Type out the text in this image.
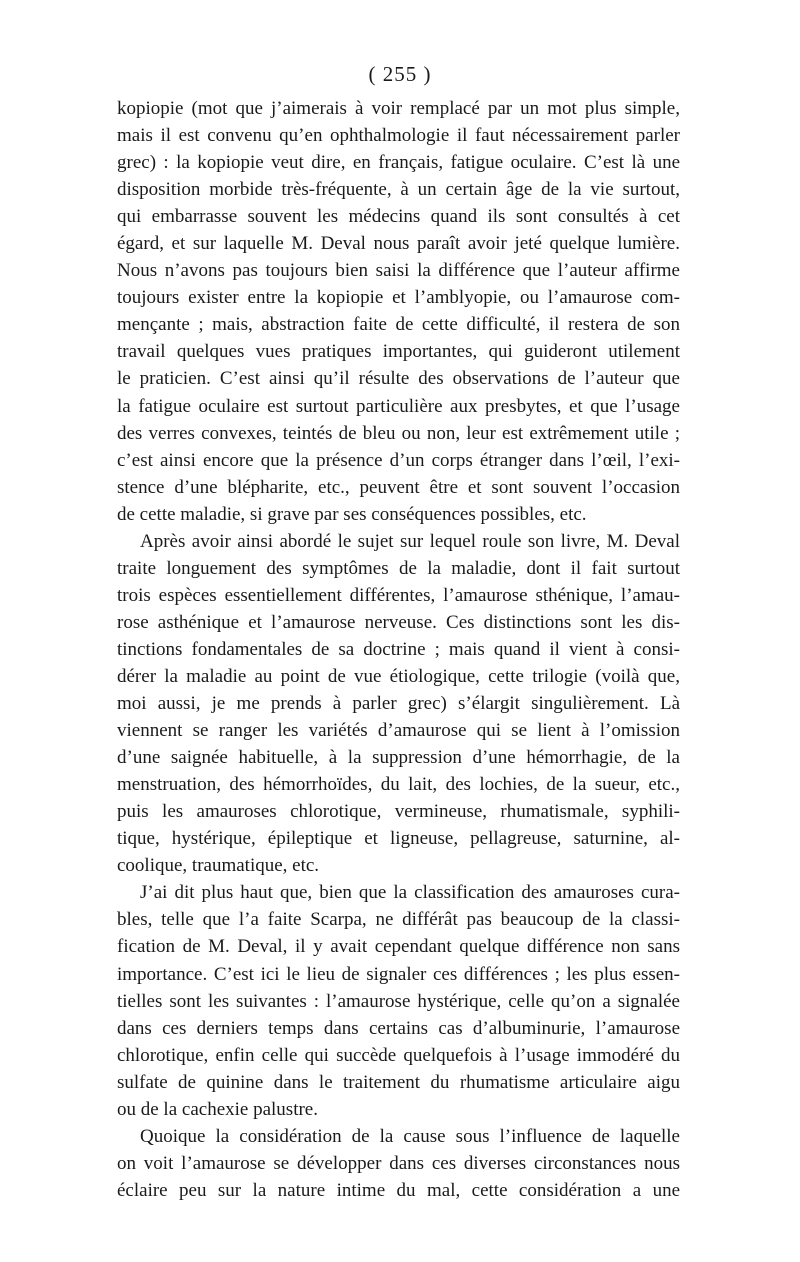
( 255 )
kopiopie (mot que j’aimerais à voir remplacé par un mot plus simple,
mais il est convenu qu’en ophthalmologie il faut nécessairement parler
grec) : la kopiopie veut dire, en français, fatigue oculaire. C’est là une
disposition morbide très-fréquente, à un certain âge de la vie surtout,
qui embarrasse souvent les médecins quand ils sont consultés à cet
égard, et sur laquelle M. Deval nous paraît avoir jeté quelque lumière.
Nous n’avons pas toujours bien saisi la différence que l’auteur affirme
toujours exister entre la kopiopie et l’amblyopie, ou l’amaurose com-
mençante ; mais, abstraction faite de cette difficulté, il restera de son
travail quelques vues pratiques importantes, qui guideront utilement
le praticien. C’est ainsi qu’il résulte des observations de l’auteur que
la fatigue oculaire est surtout particulière aux presbytes, et que l’usage
des verres convexes, teintés de bleu ou non, leur est extrêmement utile ;
c’est ainsi encore que la présence d’un corps étranger dans l’œil, l’exi-
stence d’une blépharite, etc., peuvent être et sont souvent l’occasion
de cette maladie, si grave par ses conséquences possibles, etc.
Après avoir ainsi abordé le sujet sur lequel roule son livre, M. Deval
traite longuement des symptômes de la maladie, dont il fait surtout
trois espèces essentiellement différentes, l’amaurose sthénique, l’amau-
rose asthénique et l’amaurose nerveuse. Ces distinctions sont les dis-
tinctions fondamentales de sa doctrine ; mais quand il vient à consi-
dérer la maladie au point de vue étiologique, cette trilogie (voilà que,
moi aussi, je me prends à parler grec) s’élargit singulièrement. Là
viennent se ranger les variétés d’amaurose qui se lient à l’omission
d’une saignée habituelle, à la suppression d’une hémorrhagie, de la
menstruation, des hémorrhoïdes, du lait, des lochies, de la sueur, etc.,
puis les amauroses chlorotique, vermineuse, rhumatismale, syphili-
tique, hystérique, épileptique et ligneuse, pellagreuse, saturnine, al-
coolique, traumatique, etc.
J’ai dit plus haut que, bien que la classification des amauroses cura-
bles, telle que l’a faite Scarpa, ne différât pas beaucoup de la classi-
fication de M. Deval, il y avait cependant quelque différence non sans
importance. C’est ici le lieu de signaler ces différences ; les plus essen-
tielles sont les suivantes : l’amaurose hystérique, celle qu’on a signalée
dans ces derniers temps dans certains cas d’albuminurie, l’amaurose
chlorotique, enfin celle qui succède quelquefois à l’usage immodéré du
sulfate de quinine dans le traitement du rhumatisme articulaire aigu
ou de la cachexie palustre.
Quoique la considération de la cause sous l’influence de laquelle
on voit l’amaurose se développer dans ces diverses circonstances nous
éclaire peu sur la nature intime du mal, cette considération a une
